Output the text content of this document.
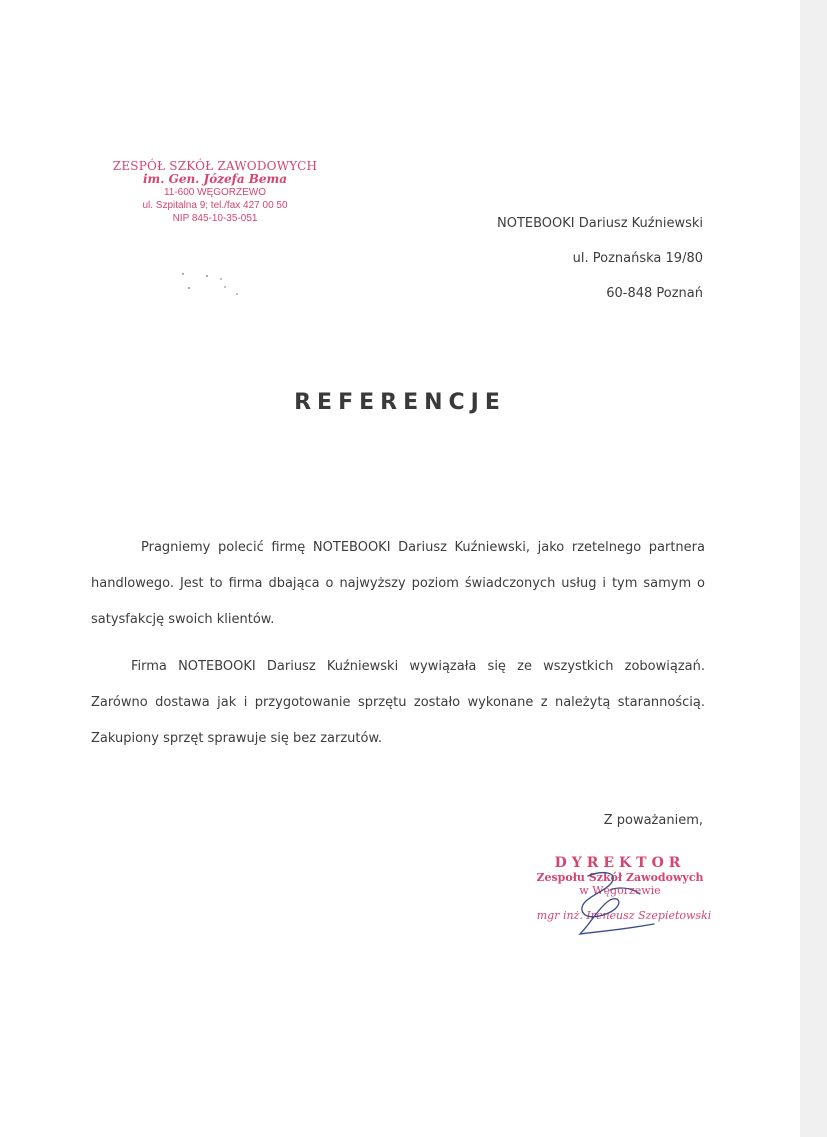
ZESPÓŁ SZKÓŁ ZAWODOWYCH
im. Gen. Józefa Bema
11-600 WĘGORZEWO
ul. Szpitalna 9; tel./fax 427 00 50
NIP 845-10-35-051	NOTEBOOKI Dariusz Kuźniewski
ul. Poznańska 19/80
60-848 Poznań
REFERENCJE

Pragniemy polecić firmę NOTEBOOKI Dariusz Kuźniewski, jako rzetelnego partnera handlowego. Jest to firma dbająca o najwyższy poziom świadczonych usług i tym samym o satysfakcję swoich klientów.

Firma NOTEBOOKI Dariusz Kuźniewski wywiązała się ze wszystkich zobowiązań. Zarówno dostawa jak i przygotowanie sprzętu zostało wykonane z należytą starannością. Zakupiony sprzęt sprawuje się bez zarzutów.

Z poważaniem,
DYREKTOR
Zespołu Szkół Zawodowych
w Węgorzewie
mgr inż. Ireneusz Szepietowski
